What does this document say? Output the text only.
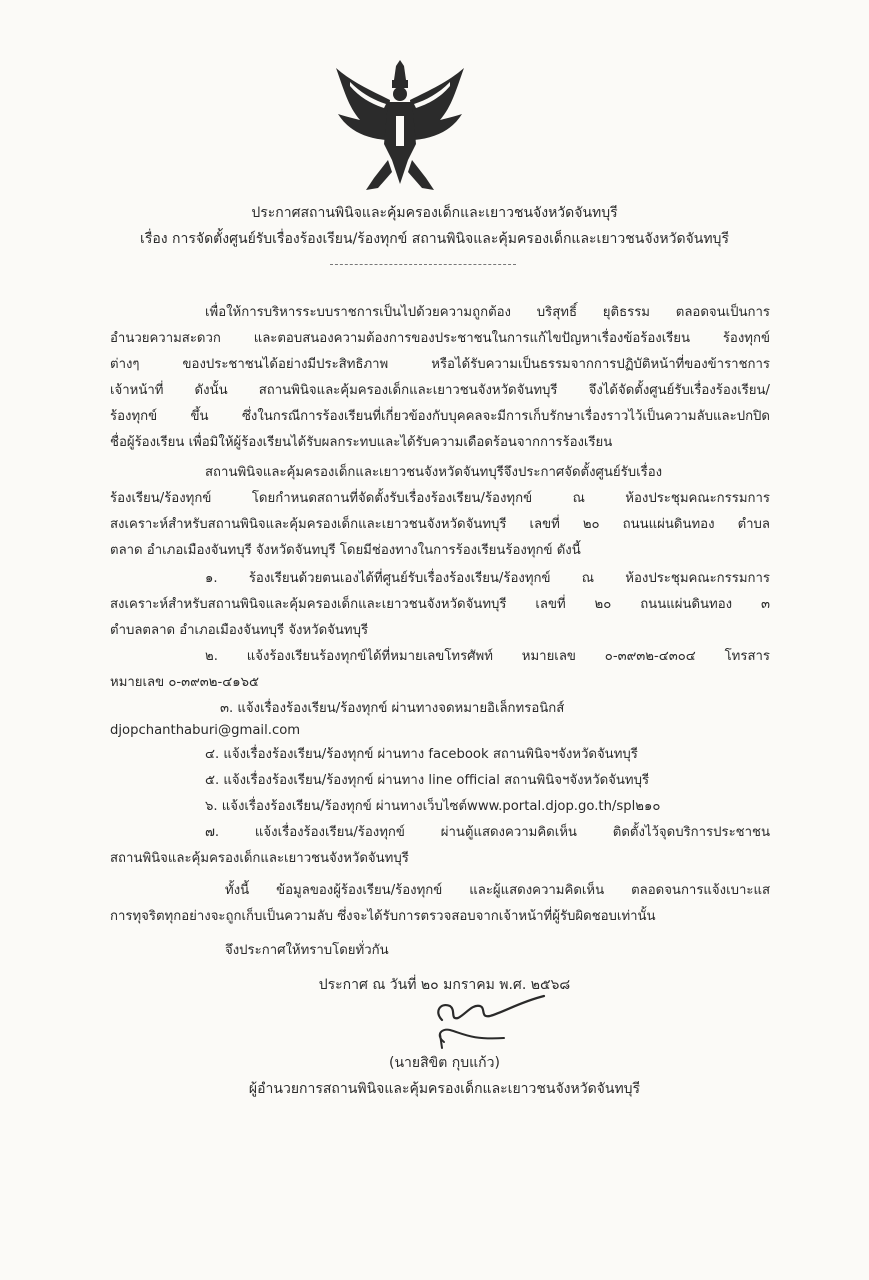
ประกาศสถานพินิจและคุ้มครองเด็กและเยาวชนจังหวัดจันทบุรี
เรื่อง การจัดตั้งศูนย์รับเรื่องร้องเรียน/ร้องทุกข์ สถานพินิจและคุ้มครองเด็กและเยาวชนจังหวัดจันทบุรี
เพื่อให้การบริหารระบบราชการเป็นไปด้วยความถูกต้อง บริสุทธิ์ ยุติธรรม ตลอดจนเป็นการ
อำนวยความสะดวก และตอบสนองความต้องการของประชาชนในการแก้ไขปัญหาเรื่องข้อร้องเรียน ร้องทุกข์
ต่างๆ ของประชาชนได้อย่างมีประสิทธิภาพ หรือได้รับความเป็นธรรมจากการปฏิบัติหน้าที่ของข้าราชการ
เจ้าหน้าที่ ดังนั้น สถานพินิจและคุ้มครองเด็กและเยาวชนจังหวัดจันทบุรี จึงได้จัดตั้งศูนย์รับเรื่องร้องเรียน/
ร้องทุกข์ ขึ้น ซึ่งในกรณีการร้องเรียนที่เกี่ยวข้องกับบุคคลจะมีการเก็บรักษาเรื่องราวไว้เป็นความลับและปกปิด
ชื่อผู้ร้องเรียน เพื่อมิให้ผู้ร้องเรียนได้รับผลกระทบและได้รับความเดือดร้อนจากการร้องเรียน
สถานพินิจและคุ้มครองเด็กและเยาวชนจังหวัดจันทบุรีจึงประกาศจัดตั้งศูนย์รับเรื่อง
ร้องเรียน/ร้องทุกข์ โดยกำหนดสถานที่จัดตั้งรับเรื่องร้องเรียน/ร้องทุกข์ ณ ห้องประชุมคณะกรรมการ
สงเคราะห์สำหรับสถานพินิจและคุ้มครองเด็กและเยาวชนจังหวัดจันทบุรี เลขที่ ๒๐ ถนนแผ่นดินทอง ตำบล
ตลาด อำเภอเมืองจันทบุรี จังหวัดจันทบุรี โดยมีช่องทางในการร้องเรียนร้องทุกข์ ดังนี้
๑. ร้องเรียนด้วยตนเองได้ที่ศูนย์รับเรื่องร้องเรียน/ร้องทุกข์ ณ ห้องประชุมคณะกรรมการ
สงเคราะห์สำหรับสถานพินิจและคุ้มครองเด็กและเยาวชนจังหวัดจันทบุรี เลขที่ ๒๐ ถนนแผ่นดินทอง ๓
ตำบลตลาด อำเภอเมืองจันทบุรี จังหวัดจันทบุรี
๒. แจ้งร้องเรียนร้องทุกข์ได้ที่หมายเลขโทรศัพท์ หมายเลข ๐-๓๙๓๒-๔๓๐๔ โทรสาร
หมายเลข ๐-๓๙๓๒-๔๑๖๕
๓. แจ้งเรื่องร้องเรียน/ร้องทุกข์ ผ่านทางจดหมายอิเล็กทรอนิกส์
djopchanthaburi@gmail.com
๔. แจ้งเรื่องร้องเรียน/ร้องทุกข์ ผ่านทาง facebook สถานพินิจฯจังหวัดจันทบุรี
๕. แจ้งเรื่องร้องเรียน/ร้องทุกข์ ผ่านทาง line official สถานพินิจฯจังหวัดจันทบุรี
๖. แจ้งเรื่องร้องเรียน/ร้องทุกข์ ผ่านทางเว็บไซต์www.portal.djop.go.th/spl๒๑๐
๗. แจ้งเรื่องร้องเรียน/ร้องทุกข์ ผ่านตู้แสดงความคิดเห็น ติดตั้งไว้จุดบริการประชาชน
สถานพินิจและคุ้มครองเด็กและเยาวชนจังหวัดจันทบุรี
ทั้งนี้ ข้อมูลของผู้ร้องเรียน/ร้องทุกข์ และผู้แสดงความคิดเห็น ตลอดจนการแจ้งเบาะแส
การทุจริตทุกอย่างจะถูกเก็บเป็นความลับ ซึ่งจะได้รับการตรวจสอบจากเจ้าหน้าที่ผู้รับผิดชอบเท่านั้น
จึงประกาศให้ทราบโดยทั่วกัน
ประกาศ ณ วันที่ ๒๐ มกราคม พ.ศ. ๒๕๖๘
(นายสิขิต กุบแก้ว)
ผู้อำนวยการสถานพินิจและคุ้มครองเด็กและเยาวชนจังหวัดจันทบุรี
